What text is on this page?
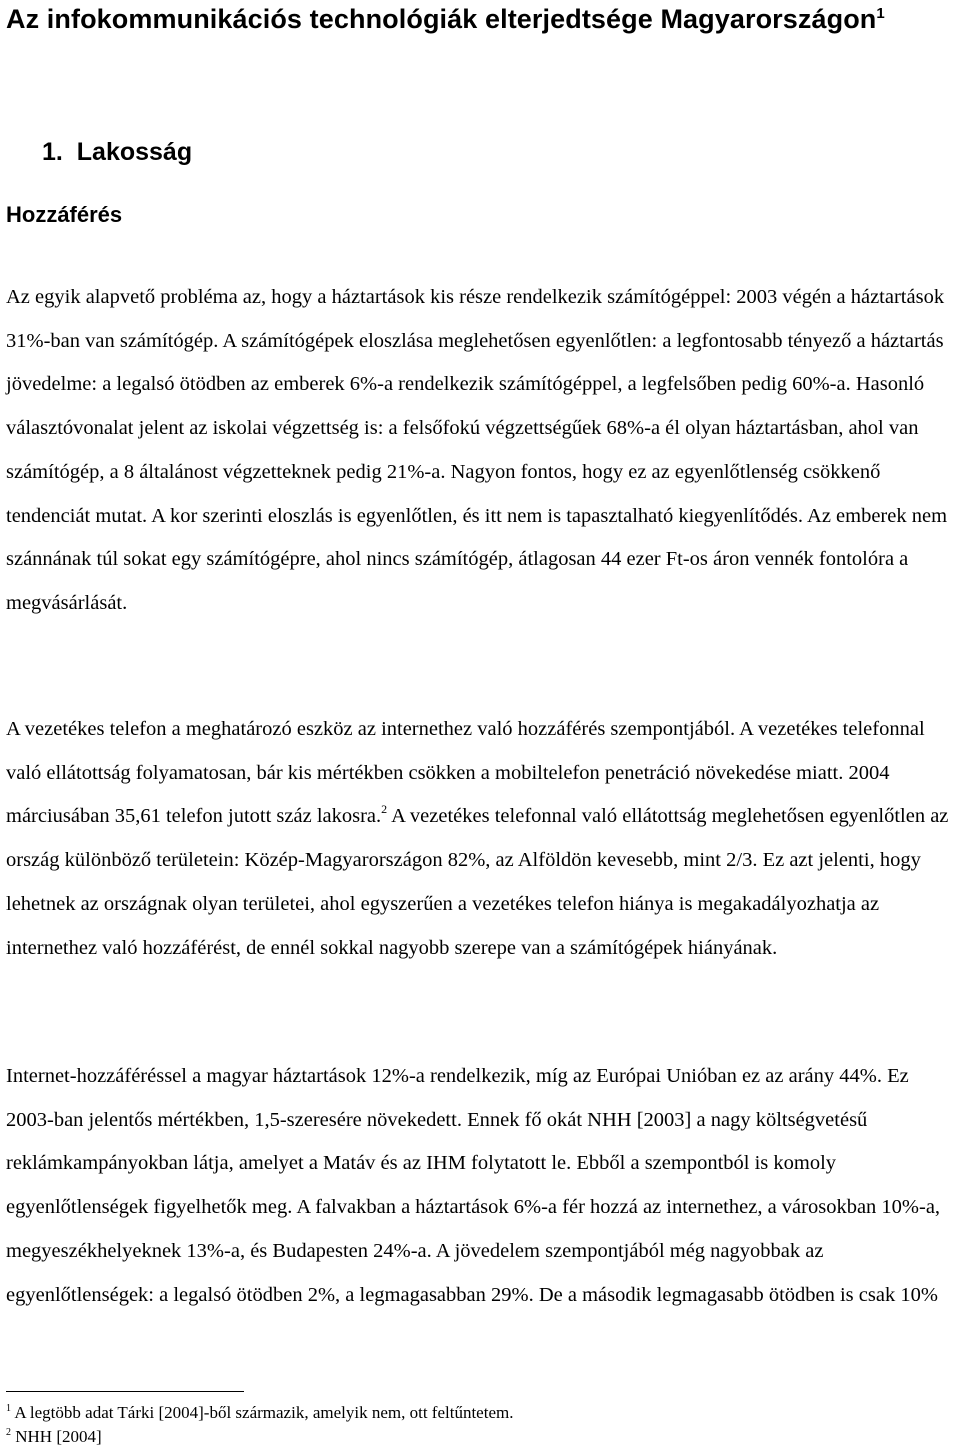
Az infokommunikációs technológiák elterjedtsége Magyarországon$^1$
1. Lakosság
Hozzáférés

Az egyik alapvető probléma az, hogy a háztartások kis része rendelkezik számítógéppel: 2003 végén a háztartások 31%-ban van számítógép. A számítógépek eloszlása meglehetősen egyenlőtlen: a legfontosabb tényező a háztartás jövedelme: a legalsó ötödben az emberek 6%-a rendelkezik számítógéppel, a legfelsőben pedig 60%-a. Hasonló választóvonalat jelent az iskolai végzettség is: a felsőfokú végzettségűek 68%-a él olyan háztartásban, ahol van számítógép, a 8 általánost végzetteknek pedig 21%-a. Nagyon fontos, hogy ez az egyenlőtlenség csökkenő tendenciát mutat. A kor szerinti eloszlás is egyenlőtlen, és itt nem is tapasztalható kiegyenlítődés. Az emberek nem szánnának túl sokat egy számítógépre, ahol nincs számítógép, átlagosan 44 ezer Ft-os áron vennék fontolóra a megvásárlását.

A vezetékes telefon a meghatározó eszköz az internethez való hozzáférés szempontjából. A vezetékes telefonnal való ellátottság folyamatosan, bár kis mértékben csökken a mobiltelefon penetráció növekedése miatt. 2004 márciusában 35,61 telefon jutott száz lakosra.$^2$ A vezetékes telefonnal való ellátottság meglehetősen egyenlőtlen az ország különböző területein: Közép-Magyarországon 82%, az Alföldön kevesebb, mint 2/3. Ez azt jelenti, hogy lehetnek az országnak olyan területei, ahol egyszerűen a vezetékes telefon hiánya is megakadályozhatja az internethez való hozzáférést, de ennél sokkal nagyobb szerepe van a számítógépek hiányának.

Internet-hozzáféréssel a magyar háztartások 12%-a rendelkezik, míg az Európai Unióban ez az arány 44%. Ez 2003-ban jelentős mértékben, 1,5-szeresére növekedett. Ennek fő okát NHH [2003] a nagy költségvetésű reklámkampányokban látja, amelyet a Matáv és az IHM folytatott le. Ebből a szempontból is komoly egyenlőtlenségek figyelhetők meg. A falvakban a háztartások 6%-a fér hozzá az internethez, a városokban 10%-a, megyeszékhelyeknek 13%-a, és Budapesten 24%-a. A jövedelem szempontjából még nagyobbak az egyenlőtlenségek: a legalsó ötödben 2%, a legmagasabban 29%. De a második legmagasabb ötödben is csak 10%

$^1$ A legtöbb adat Tárki [2004]-ből származik, amelyik nem, ott feltűntetem.

$^2$ NHH [2004]
